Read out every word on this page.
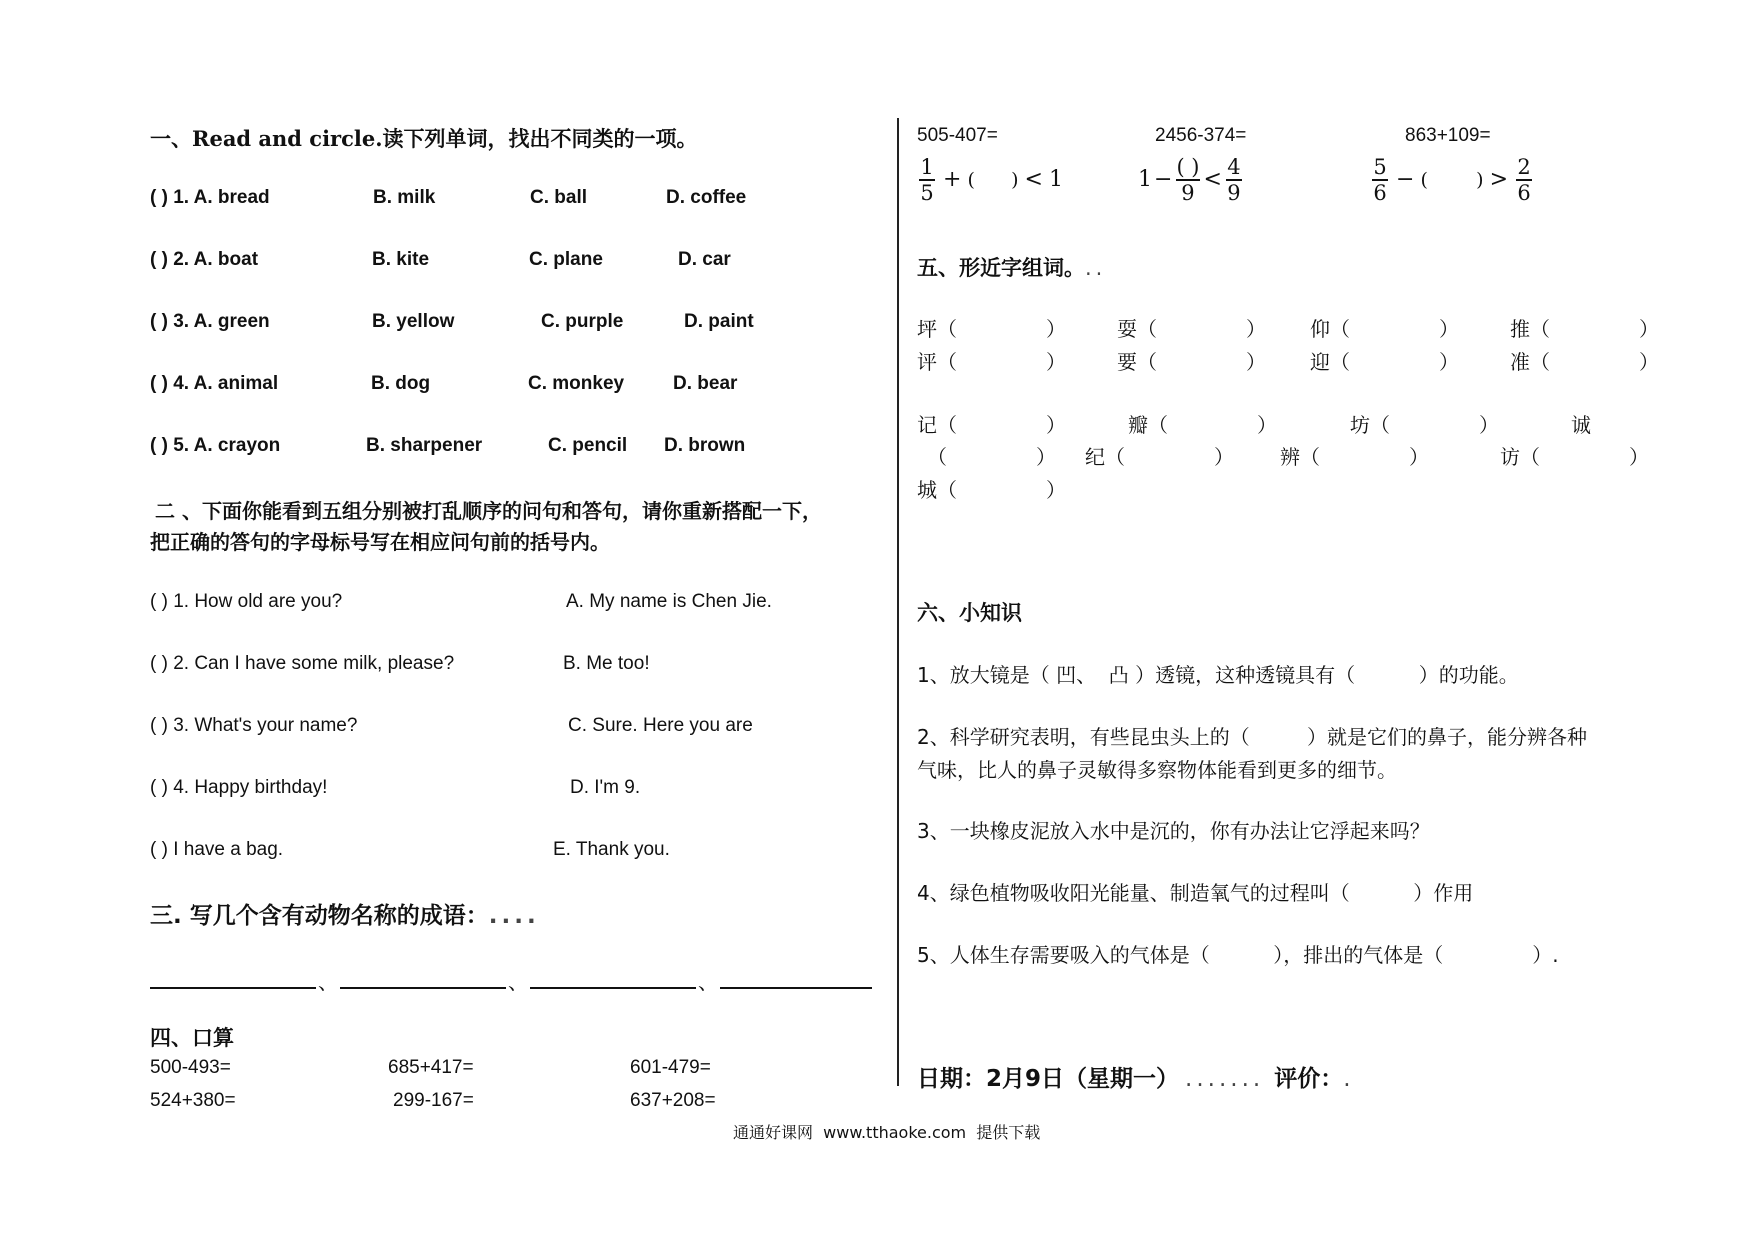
一、Read and circle.读下列单词，找出不同类的一项。
( ) 1. A. bread	B. milk	C. ball	D. coffee
( ) 2. A. boat	B. kite	C. plane	D. car
( ) 3. A. green	B. yellow	C. purple	D. paint
( ) 4. A. animal	B. dog	C. monkey	D. bear
( ) 5. A. crayon	B. sharpener	C. pencil D. brown
二 、下面你能看到五组分别被打乱顺序的问句和答句，请你重新搭配一下，
把正确的答句的字母标号写在相应问句前的括号内。
( ) 1. How old are you?	A. My name is Chen Jie.
( ) 2. Can I have some milk, please?	B. Me too!
( ) 3. What's your name?	C. Sure. Here you are
( ) 4. Happy birthday!	D. I'm 9.
( ) I have a bag.	E. Thank you.
三. 写几个含有动物名称的成语：....
、	、	、
四、口算
500-493=	685+417=	601-479=
524+380=	299-167=	637+208=
505-407=	2456-374=	863+109=
$\frac{1}{5}$ + (      ) < 1	$1 - \frac{( )}{9} < \frac{4}{9}$	$\frac{5}{6}$ − (        ) > $\frac{2}{6}$
五、形近字组词。..
坪（              ）	耍（              ） 仰（              ）	推（              ）
评（              ）	要（              ） 迎（              ）	准（              ）
记（              ）	瓣（              ）	坊（              ）	诚
（              ） 纪（              ） 辨（              ）	访（              ）
城（              ）
六、小知识
1、放大镜是（ 凹、  凸 ）透镜，这种透镜具有（          ）的功能。
2、科学研究表明，有些昆虫头上的（         ）就是它们的鼻子，能分辨各种
气味，比人的鼻子灵敏得多察物体能看到更多的细节。
3、一块橡皮泥放入水中是沉的，你有办法让它浮起来吗？
4、绿色植物吸收阳光能量、制造氧气的过程叫（          ）作用
5、人体生存需要吸入的气体是（          ），排出的气体是（              ）.
日期：2月9日（星期一） ....... 评价：.
通通好课网  www.tthaoke.com  提供下载
